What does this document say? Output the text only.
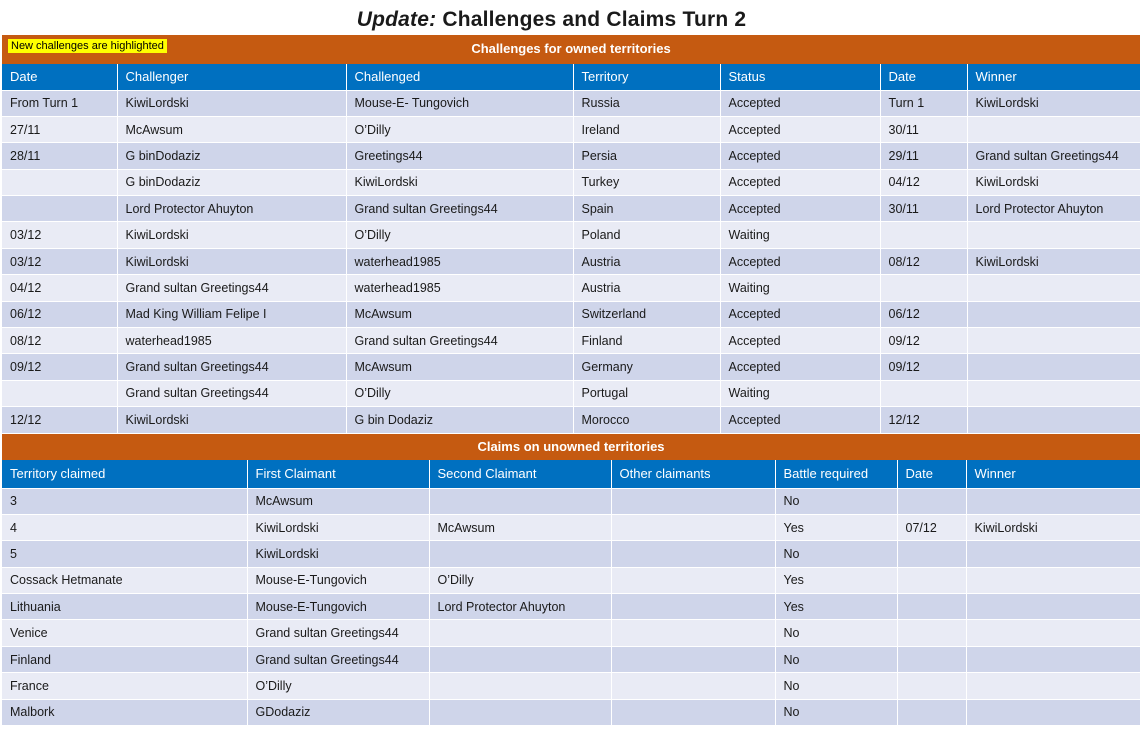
Update: Challenges and Claims Turn 2
New challenges are highlighted	Challenges for owned territories
Date	Challenger	Challenged	Territory	Status	Date	Winner
From Turn 1	KiwiLordski	Mouse-E- Tungovich	Russia	Accepted	Turn 1	KiwiLordski
27/11	McAwsum	O’Dilly	Ireland	Accepted	30/11	
28/11	G binDodaziz	Greetings44	Persia	Accepted	29/11	Grand sultan Greetings44
	G binDodaziz	KiwiLordski	Turkey	Accepted	04/12	KiwiLordski
	Lord Protector Ahuyton	Grand sultan Greetings44	Spain	Accepted	30/11	Lord Protector Ahuyton
03/12	KiwiLordski	O’Dilly	Poland	Waiting		
03/12	KiwiLordski	waterhead1985	Austria	Accepted	08/12	KiwiLordski
04/12	Grand sultan Greetings44	waterhead1985	Austria	Waiting		
06/12	Mad King William Felipe I	McAwsum	Switzerland	Accepted	06/12	
08/12	waterhead1985	Grand sultan Greetings44	Finland	Accepted	09/12	
09/12	Grand sultan Greetings44	McAwsum	Germany	Accepted	09/12	
	Grand sultan Greetings44	O’Dilly	Portugal	Waiting		
12/12	KiwiLordski	G bin Dodaziz	Morocco	Accepted	12/12	
Claims on unowned territories
Territory claimed	First Claimant	Second Claimant	Other claimants	Battle required	Date	Winner
3	McAwsum			No		
4	KiwiLordski	McAwsum		Yes	07/12	KiwiLordski
5	KiwiLordski			No		
Cossack Hetmanate	Mouse-E-Tungovich	O’Dilly		Yes		
Lithuania	Mouse-E-Tungovich	Lord Protector Ahuyton		Yes		
Venice	Grand sultan Greetings44			No		
Finland	Grand sultan Greetings44			No		
France	O’Dilly			No		
Malbork	GDodaziz			No		
